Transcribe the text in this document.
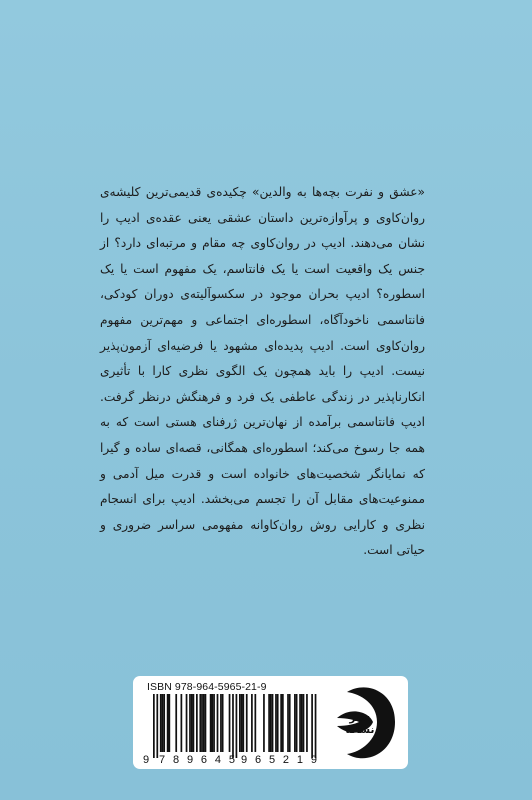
«عشق و نفرت بچه‌ها به والدین» چکیده‌ی قدیمی‌ترین کلیشه‌ی روان‌کاوی و پرآوازه‌ترین داستان عشقی یعنی عقده‌ی ادیپ را نشان می‌دهند. ادیپ در روان‌کاوی چه مقام و مرتبه‌ای دارد؟ از جنس یک واقعیت است یا یک فانتاسم، یک مفهوم است یا یک اسطوره؟ ادیپ بحران موجود در سکسوآلیته‌ی دوران کودکی، فانتاسمی ناخودآگاه، اسطوره‌ای اجتماعی و مهم‌ترین مفهوم روان‌کاوی است. ادیپ پدیده‌ای مشهود یا فرضیه‌ای آزمون‌پذیر نیست. ادیپ را باید همچون یک الگوی نظری کارا با تأثیری انکارناپذیر در زندگی عاطفی یک فرد و فرهنگش درنظر گرفت. ادیپ فانتاسمی برآمده از نهان‌ترین ژرفنای هستی است که به همه جا رسوخ می‌کند؛ اسطوره‌ای همگانی، قصه‌ای ساده و گیرا که نمایانگر شخصیت‌های خانواده است و قدرت میل آدمی و ممنوعیت‌های مقابل آن را تجسم می‌بخشد. ادیپ برای انسجام نظری و کارایی روش روان‌کاوانه مفهومی سراسر ضروری و حیاتی است.

ISBN 978-964-5965-21-9
9 789645 965219
نشر
نشانه
